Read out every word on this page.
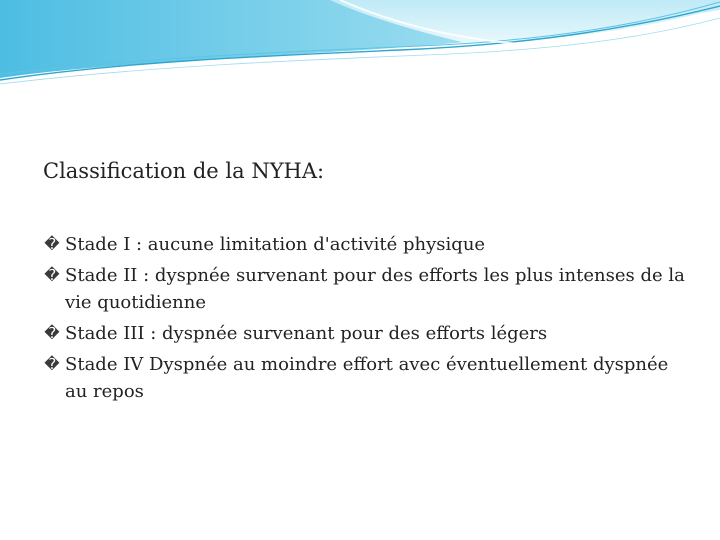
Classification de la NYHA:
� Stade I : aucune limitation d'activité physique
� Stade II : dyspnée survenant pour des efforts les plus intenses de la vie quotidienne
� Stade III : dyspnée survenant pour des efforts légers
� Stade IV Dyspnée au moindre effort avec éventuellement dyspnée au repos
